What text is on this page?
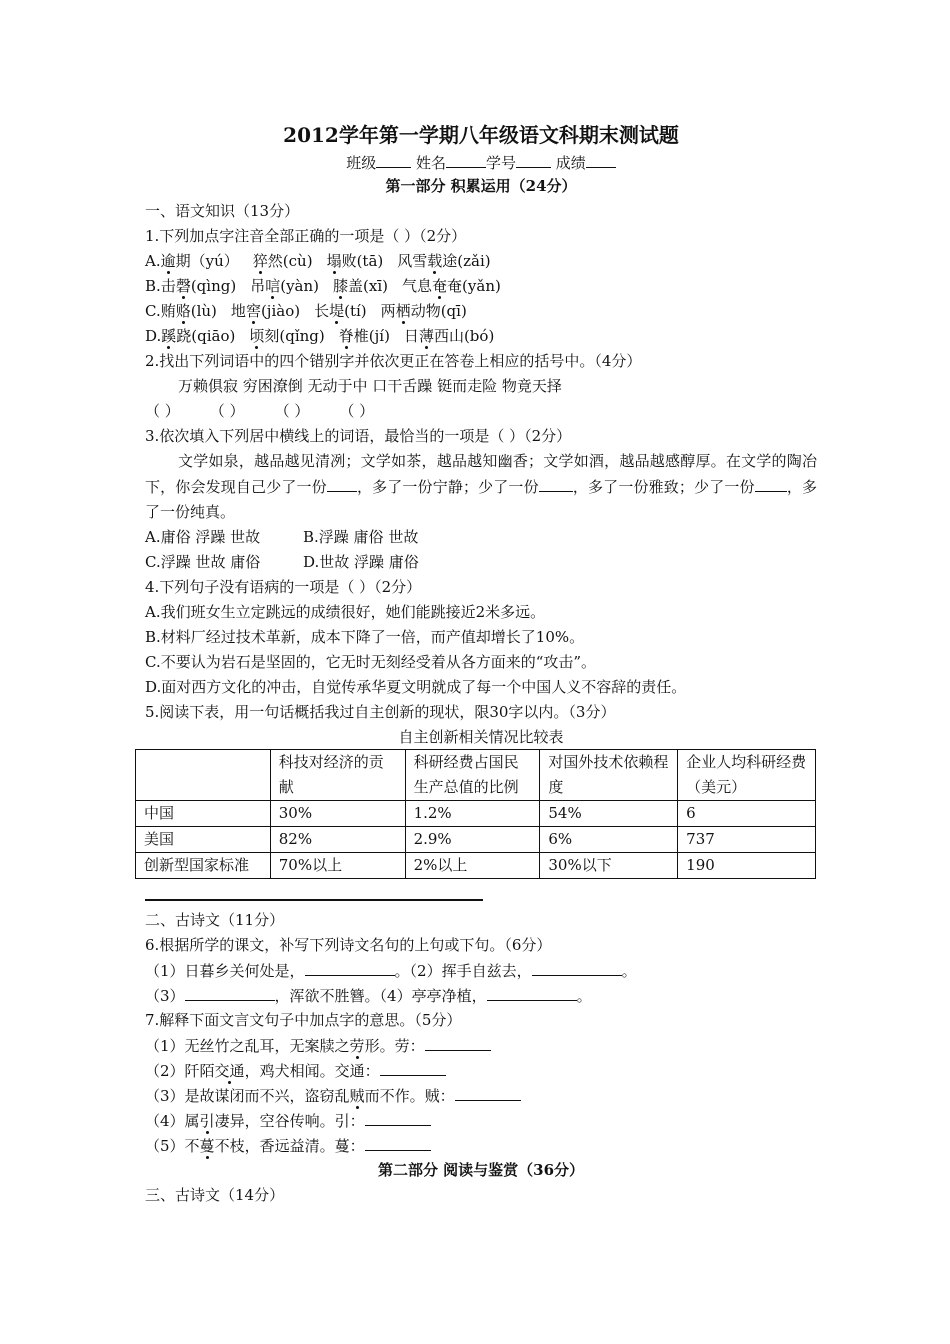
2012学年第一学期八年级语文科期末测试题
班级	姓名	学号	成绩
第一部分 积累运用（24分）
一、语文知识（13分）
1.下列加点字注音全部正确的一项是（ ）（2分）
A.逾期（yú） 猝然(cù) 塌败(tā) 风雪载途(zǎi)
B.击磬(qìng) 吊唁(yàn) 膝盖(xī) 气息奄奄(yǎn)
C.贿赂(lù) 地窖(jiào) 长堤(tí) 两栖动物(qī)
D.蹊跷(qiāo) 顷刻(qǐng) 脊椎(jí) 日薄西山(bó)
2.找出下列词语中的四个错别字并依次更正在答卷上相应的括号中。（4分）
万赖俱寂 穷困潦倒 无动于中 口干舌躁 铤而走险 物竟天择
（ ） （ ） （ ） （ ）
3.依次填入下列居中横线上的词语，最恰当的一项是（ ）（2分）
文学如泉，越品越见清冽；文学如茶，越品越知幽香；文学如酒，越品越感醇厚。在文学的陶冶下，你会发现自己少了一份 ，多了一份宁静；少了一份 ，多了一份雅致；少了一份 ，多了一份纯真。
A.庸俗 浮躁 世故	B.浮躁 庸俗 世故
C.浮躁 世故 庸俗	D.世故 浮躁 庸俗
4.下列句子没有语病的一项是（ ）（2分）
A.我们班女生立定跳远的成绩很好，她们能跳接近2米多远。
B.材料厂经过技术革新，成本下降了一倍，而产值却增长了10%。
C.不要认为岩石是坚固的，它无时无刻经受着从各方面来的“攻击”。
D.面对西方文化的冲击，自觉传承华夏文明就成了每一个中国人义不容辞的责任。
5.阅读下表，用一句话概括我过自主创新的现状，限30字以内。（3分）
自主创新相关情况比较表
	科技对经济的贡献	科研经费占国民生产总值的比例	对国外技术依赖程度	企业人均科研经费（美元）
中国	30%	1.2%	54%	6
美国	82%	2.9%	6%	737
创新型国家标准	70%以上	2%以上	30%以下	190
二、古诗文（11分）
6.根据所学的课文，补写下列诗文名句的上句或下句。（6分）
（1）日暮乡关何处是，	。（2）挥手自兹去，	。
（3）	，浑欲不胜簪。（4）亭亭净植，	。
7.解释下面文言文句子中加点字的意思。（5分）
（1）无丝竹之乱耳，无案牍之劳形。劳：
（2）阡陌交通，鸡犬相闻。交通：
（3）是故谋闭而不兴，盗窃乱贼而不作。贼：
（4）属引凄异，空谷传响。引：
（5）不蔓不枝，香远益清。蔓：
第二部分 阅读与鉴赏（36分）
三、古诗文（14分）
